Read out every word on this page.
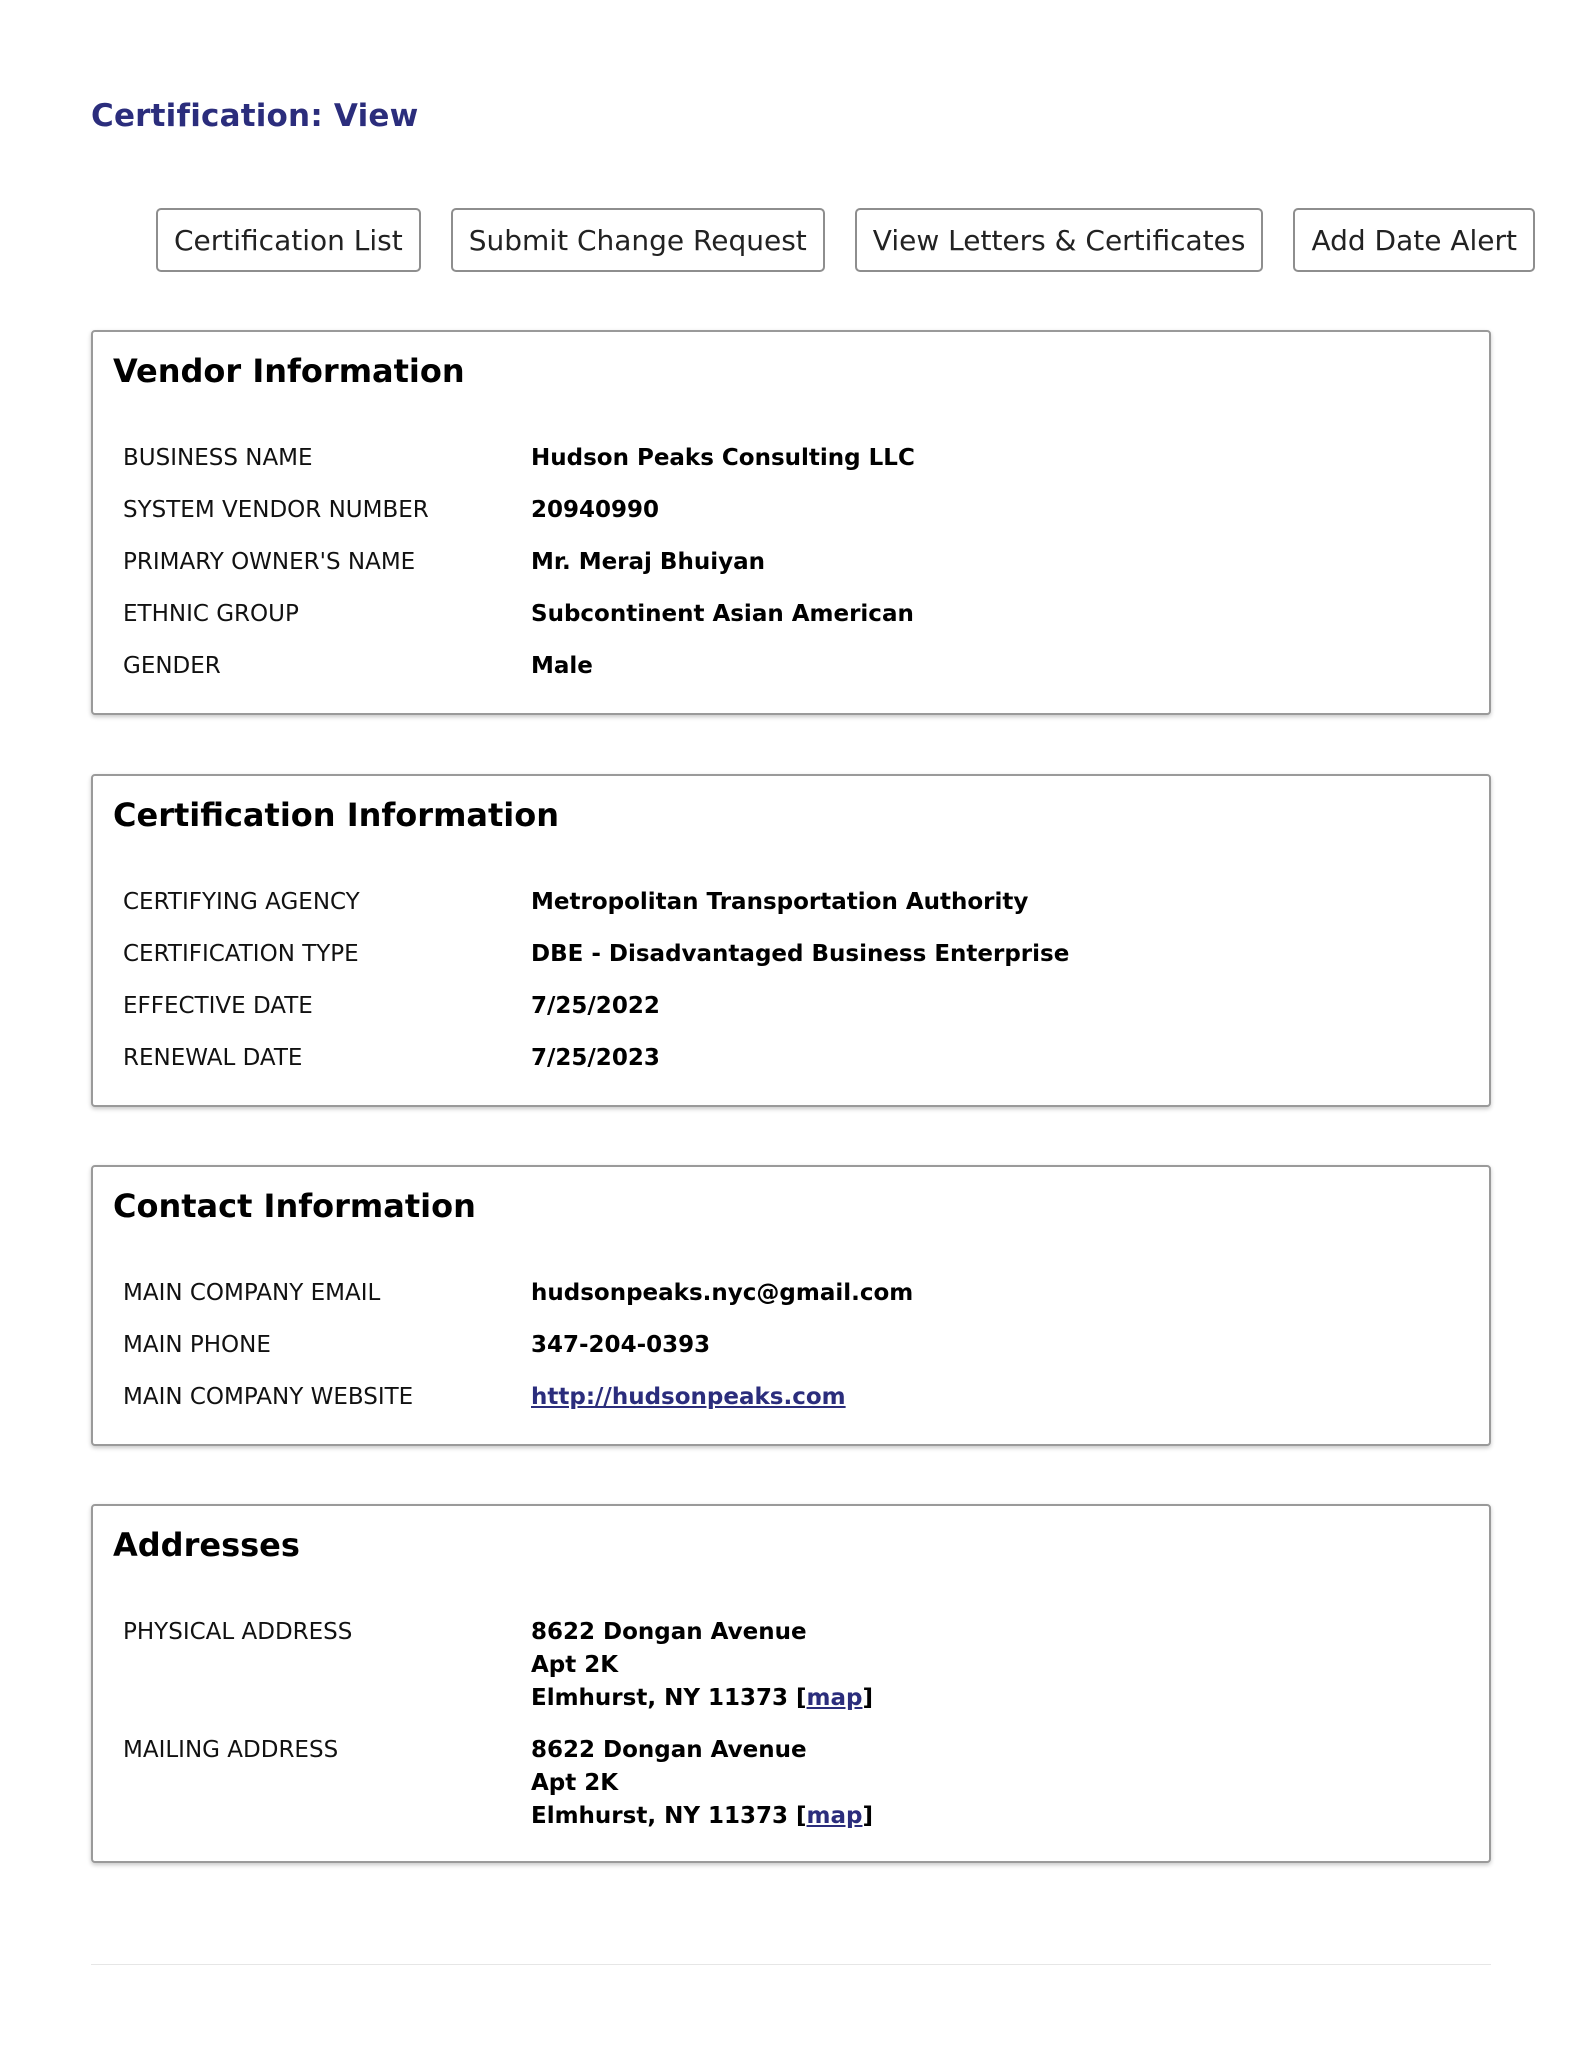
Certification: View
Certification List	Submit Change Request	View Letters & Certificates	Add Date Alert
Vendor Information
BUSINESS NAME	Hudson Peaks Consulting LLC
SYSTEM VENDOR NUMBER	20940990
PRIMARY OWNER'S NAME	Mr. Meraj Bhuiyan
ETHNIC GROUP	Subcontinent Asian American
GENDER	Male
Certification Information
CERTIFYING AGENCY	Metropolitan Transportation Authority
CERTIFICATION TYPE	DBE - Disadvantaged Business Enterprise
EFFECTIVE DATE	7/25/2022
RENEWAL DATE	7/25/2023
Contact Information
MAIN COMPANY EMAIL	hudsonpeaks.nyc@gmail.com
MAIN PHONE	347-204-0393
MAIN COMPANY WEBSITE	http://hudsonpeaks.com
Addresses
PHYSICAL ADDRESS	8622 Dongan Avenue
Apt 2K
Elmhurst, NY 11373 [map]
MAILING ADDRESS	8622 Dongan Avenue
Apt 2K
Elmhurst, NY 11373 [map]
